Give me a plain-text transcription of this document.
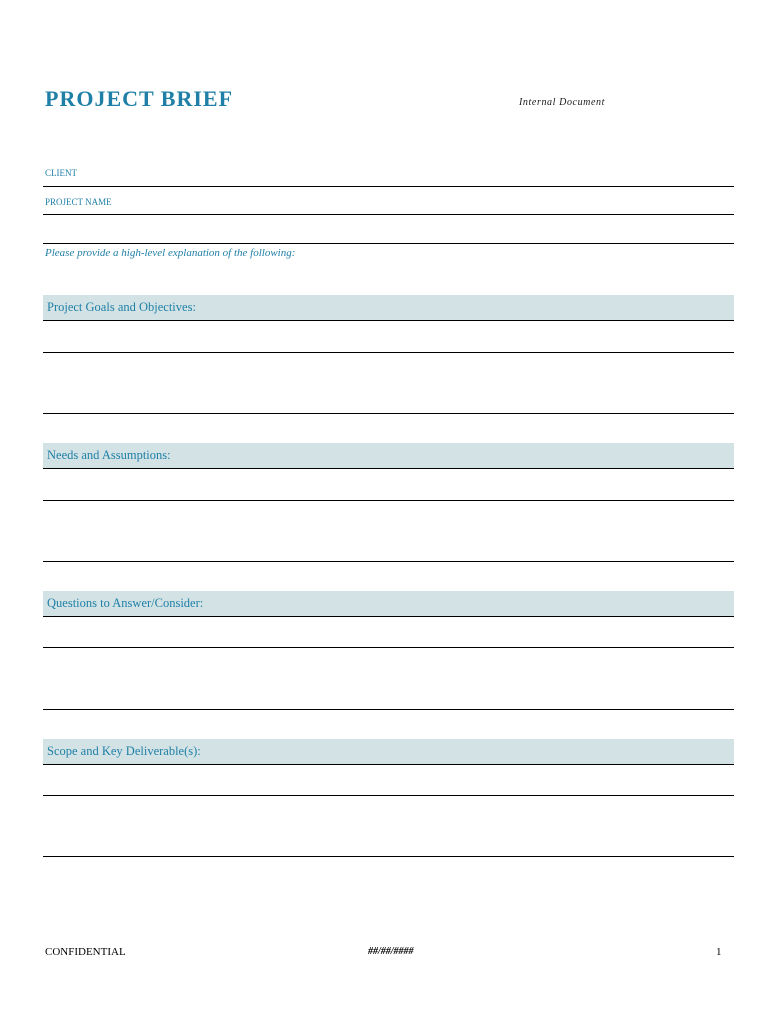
PROJECT BRIEF	Internal Document
CLIENT
PROJECT NAME
Please provide a high-level explanation of the following:
Project Goals and Objectives:
Needs and Assumptions:
Questions to Answer/Consider:
Scope and Key Deliverable(s):
CONFIDENTIAL	##/##/####	1
